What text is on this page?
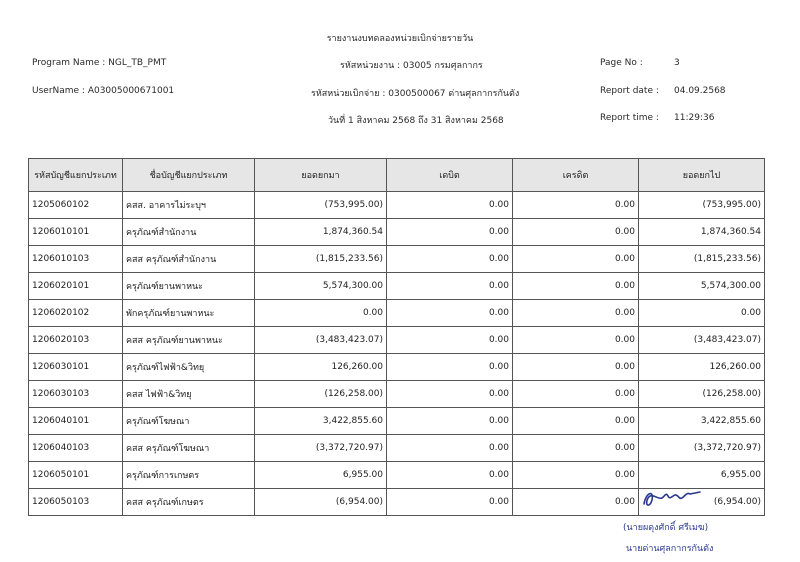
รายงานงบทดลองหน่วยเบิกจ่ายรายวัน
Program Name : NGL_TB_PMT	รหัสหน่วยงาน : 03005 กรมศุลกากร	Page No :	3
UserName : A03005000671001	รหัสหน่วยเบิกจ่าย : 0300500067 ด่านศุลกากรกันตัง	Report date : 04.09.2568
วันที่ 1 สิงหาคม 2568 ถึง 31 สิงหาคม 2568	Report time : 11:29:36
รหัสบัญชีแยกประเภท	ชื่อบัญชีแยกประเภท	ยอดยกมา	เดบิต	เครดิต	ยอดยกไป
1205060102	คสส. อาคารไม่ระบุฯ	(753,995.00)	0.00	0.00	(753,995.00)
1206010101	ครุภัณฑ์สำนักงาน	1,874,360.54	0.00	0.00	1,874,360.54
1206010103	คสส ครุภัณฑ์สำนักงาน	(1,815,233.56)	0.00	0.00	(1,815,233.56)
1206020101	ครุภัณฑ์ยานพาหนะ	5,574,300.00	0.00	0.00	5,574,300.00
1206020102	พักครุภัณฑ์ยานพาหนะ	0.00	0.00	0.00	0.00
1206020103	คสส ครุภัณฑ์ยานพาหนะ	(3,483,423.07)	0.00	0.00	(3,483,423.07)
1206030101	ครุภัณฑ์ไฟฟ้า&วิทยุ	126,260.00	0.00	0.00	126,260.00
1206030103	คสส ไฟฟ้า&วิทยุ	(126,258.00)	0.00	0.00	(126,258.00)
1206040101	ครุภัณฑ์โฆษณา	3,422,855.60	0.00	0.00	3,422,855.60
1206040103	คสส ครุภัณฑ์โฆษณา	(3,372,720.97)	0.00	0.00	(3,372,720.97)
1206050101	ครุภัณฑ์การเกษตร	6,955.00	0.00	0.00	6,955.00
1206050103	คสส ครุภัณฑ์เกษตร	(6,954.00)	0.00	0.00	(6,954.00)
(นายผดุงศักดิ์ ศรีเมฆ)
นายด่านศุลกากรกันตัง
